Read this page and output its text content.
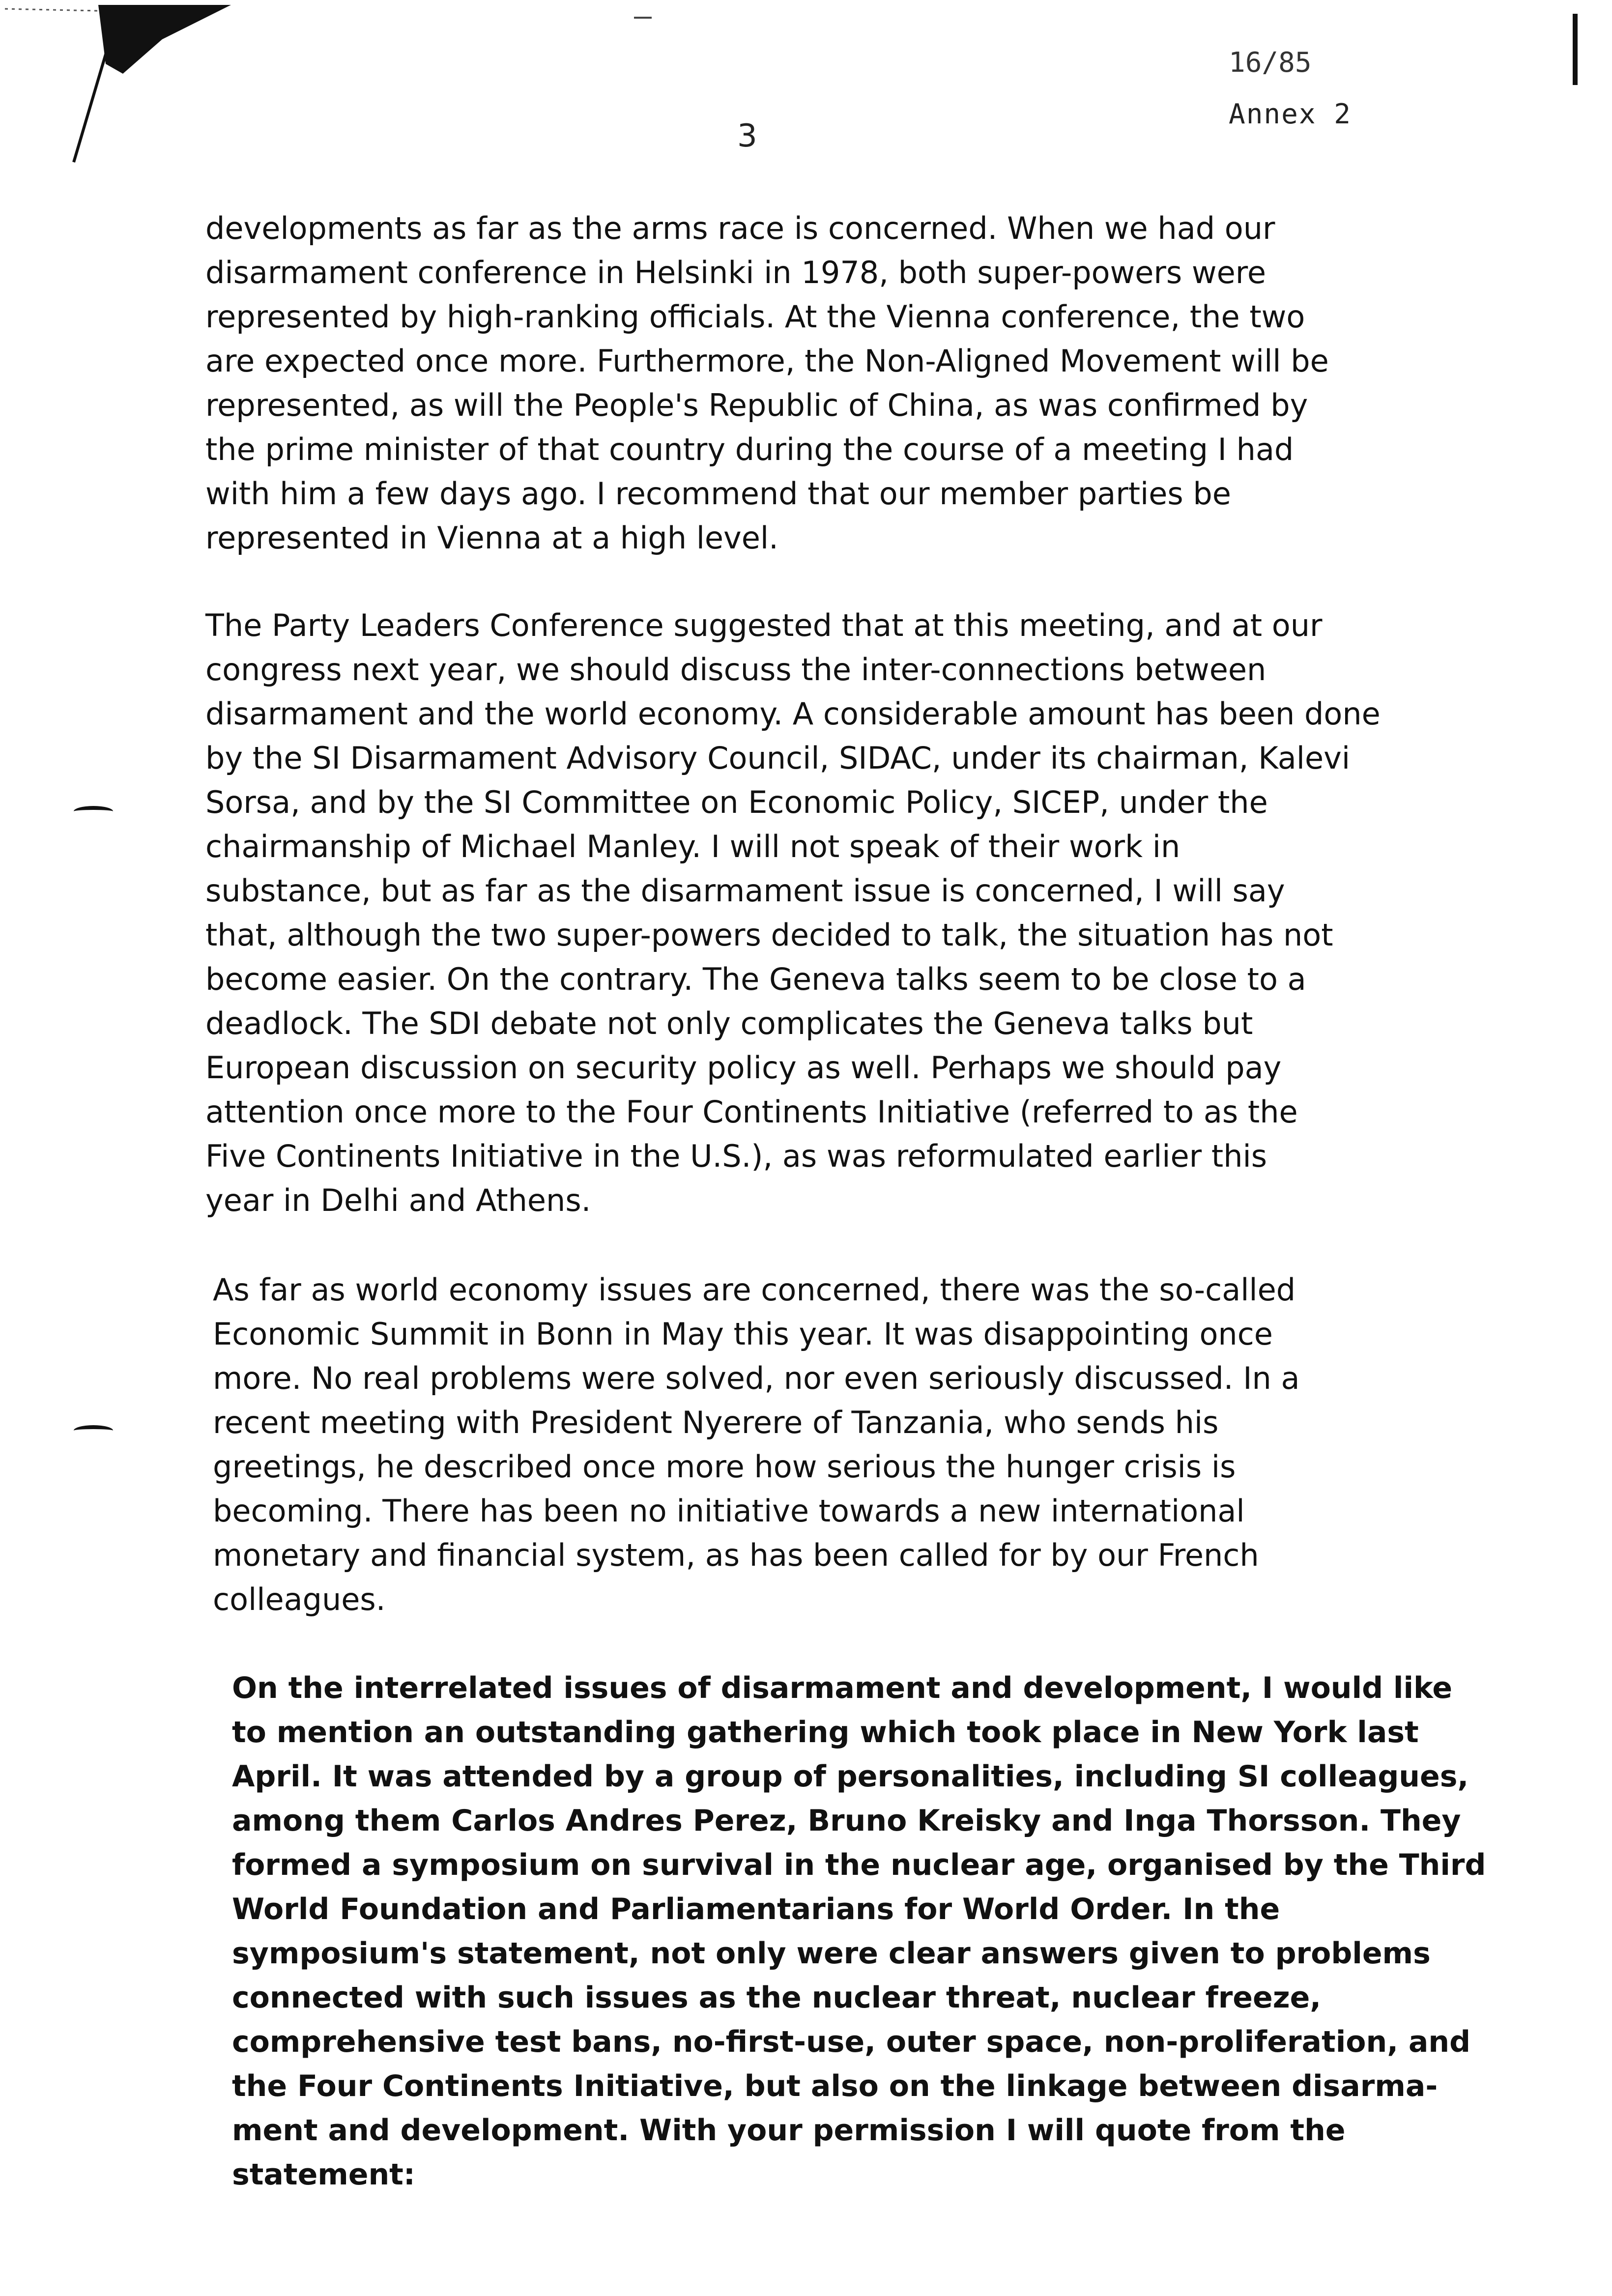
16/85
Annex 2
3
developments as far as the arms race is concerned. When we had our
disarmament conference in Helsinki in 1978, both super-powers were
represented by high-ranking officials. At the Vienna conference, the two
are expected once more. Furthermore, the Non-Aligned Movement will be
represented, as will the People's Republic of China, as was confirmed by
the prime minister of that country during the course of a meeting I had
with him a few days ago. I recommend that our member parties be
represented in Vienna at a high level.
The Party Leaders Conference suggested that at this meeting, and at our
congress next year, we should discuss the inter-connections between
disarmament and the world economy. A considerable amount has been done
by the SI Disarmament Advisory Council, SIDAC, under its chairman, Kalevi
Sorsa, and by the SI Committee on Economic Policy, SICEP, under the
chairmanship of Michael Manley. I will not speak of their work in
substance, but as far as the disarmament issue is concerned, I will say
that, although the two super-powers decided to talk, the situation has not
become easier. On the contrary. The Geneva talks seem to be close to a
deadlock. The SDI debate not only complicates the Geneva talks but
European discussion on security policy as well. Perhaps we should pay
attention once more to the Four Continents Initiative (referred to as the
Five Continents Initiative in the U.S.), as was reformulated earlier this
year in Delhi and Athens.
As far as world economy issues are concerned, there was the so-called
Economic Summit in Bonn in May this year. It was disappointing once
more. No real problems were solved, nor even seriously discussed. In a
recent meeting with President Nyerere of Tanzania, who sends his
greetings, he described once more how serious the hunger crisis is
becoming. There has been no initiative towards a new international
monetary and financial system, as has been called for by our French
colleagues.
On the interrelated issues of disarmament and development, I would like
to mention an outstanding gathering which took place in New York last
April. It was attended by a group of personalities, including SI colleagues,
among them Carlos Andres Perez, Bruno Kreisky and Inga Thorsson. They
formed a symposium on survival in the nuclear age, organised by the Third
World Foundation and Parliamentarians for World Order. In the
symposium's statement, not only were clear answers given to problems
connected with such issues as the nuclear threat, nuclear freeze,
comprehensive test bans, no-first-use, outer space, non-proliferation, and
the Four Continents Initiative, but also on the linkage between disarma-
ment and development. With your permission I will quote from the
statement:
